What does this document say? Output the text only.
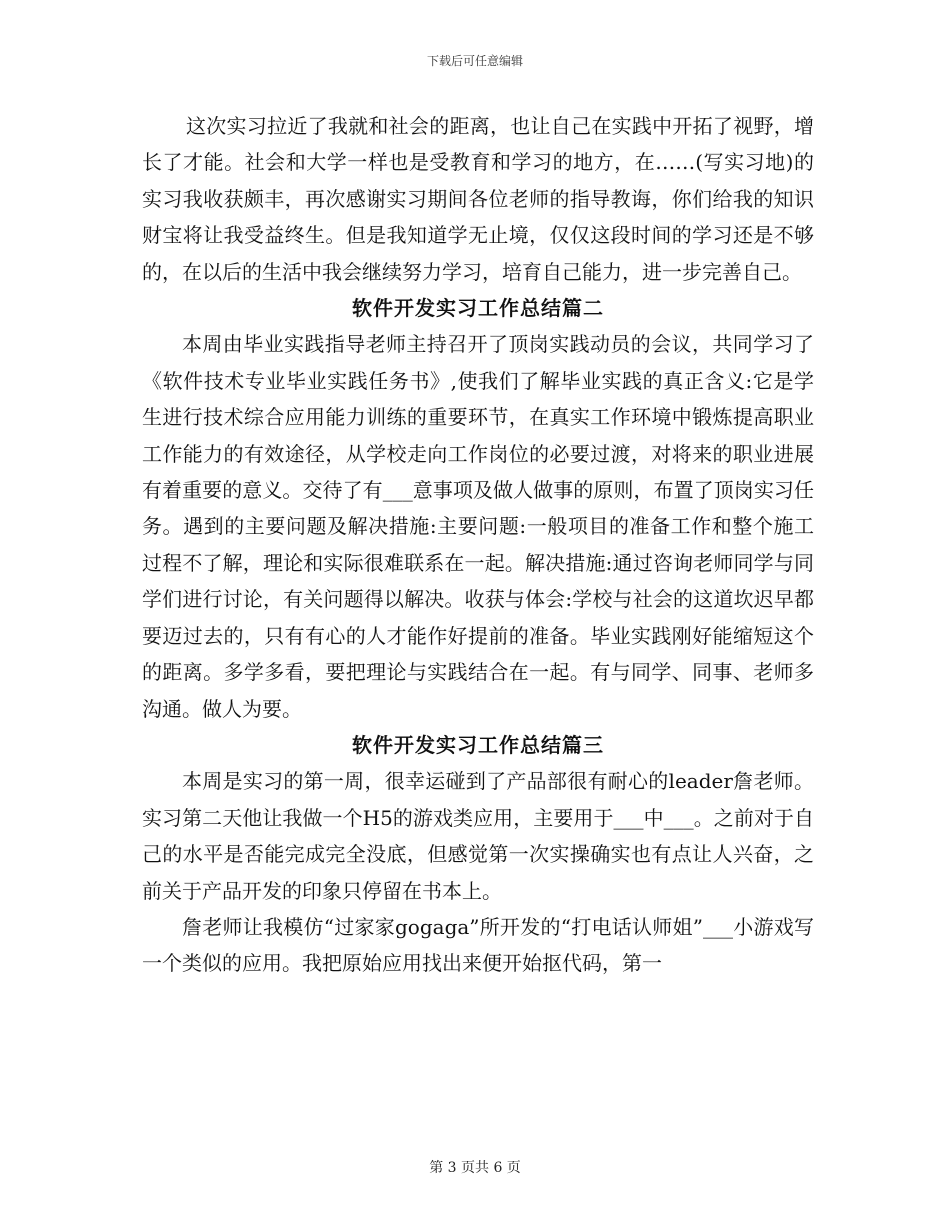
下载后可任意编辑

这次实习拉近了我就和社会的距离，也让自己在实践中开拓了视野，增长了才能。社会和大学一样也是受教育和学习的地方，在……(写实习地)的实习我收获颇丰，再次感谢实习期间各位老师的指导教诲，你们给我的知识财宝将让我受益终生。但是我知道学无止境，仅仅这段时间的学习还是不够的，在以后的生活中我会继续努力学习，培育自己能力，进一步完善自己。

软件开发实习工作总结篇二

本周由毕业实践指导老师主持召开了顶岗实践动员的会议，共同学习了《软件技术专业毕业实践任务书》,使我们了解毕业实践的真正含义:它是学生进行技术综合应用能力训练的重要环节，在真实工作环境中锻炼提高职业工作能力的有效途径，从学校走向工作岗位的必要过渡，对将来的职业进展有着重要的意义。交待了有___意事项及做人做事的原则，布置了顶岗实习任务。遇到的主要问题及解决措施:主要问题:一般项目的准备工作和整个施工过程不了解，理论和实际很难联系在一起。解决措施:通过咨询老师同学与同学们进行讨论，有关问题得以解决。收获与体会:学校与社会的这道坎迟早都要迈过去的，只有有心的人才能作好提前的准备。毕业实践刚好能缩短这个的距离。多学多看，要把理论与实践结合在一起。有与同学、同事、老师多沟通。做人为要。

软件开发实习工作总结篇三

本周是实习的第一周，很幸运碰到了产品部很有耐心的leader詹老师。实习第二天他让我做一个H5的游戏类应用，主要用于___中___。之前对于自己的水平是否能完成完全没底，但感觉第一次实操确实也有点让人兴奋，之前关于产品开发的印象只停留在书本上。

詹老师让我模仿“过家家gogaga”所开发的“打电话认师姐”___小游戏写一个类似的应用。我把原始应用找出来便开始抠代码，第一

第 3 页共 6 页
